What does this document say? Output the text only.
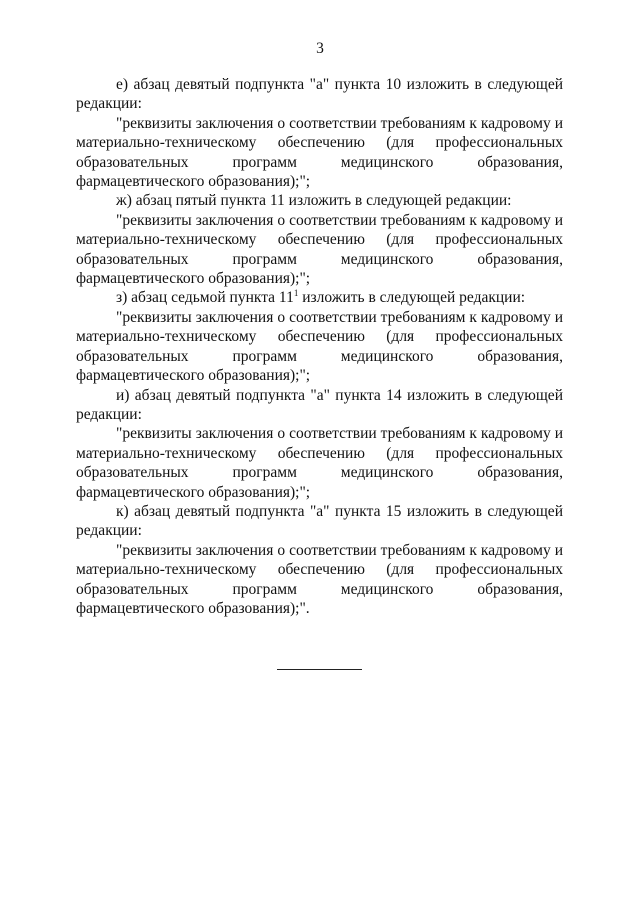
3

е) абзац девятый подпункта "а" пункта 10 изложить в следующей редакции:

"реквизиты заключения о соответствии требованиям к кадровому и материально-техническому обеспечению (для профессиональных образовательных программ медицинского образования, фармацевтического образования);";

ж) абзац пятый пункта 11 изложить в следующей редакции:

"реквизиты заключения о соответствии требованиям к кадровому и материально-техническому обеспечению (для профессиональных образовательных программ медицинского образования, фармацевтического образования);";

з) абзац седьмой пункта $11^1$ изложить в следующей редакции:

"реквизиты заключения о соответствии требованиям к кадровому и материально-техническому обеспечению (для профессиональных образовательных программ медицинского образования, фармацевтического образования);";

и) абзац девятый подпункта "а" пункта 14 изложить в следующей редакции:

"реквизиты заключения о соответствии требованиям к кадровому и материально-техническому обеспечению (для профессиональных образовательных программ медицинского образования, фармацевтического образования);";

к) абзац девятый подпункта "а" пункта 15 изложить в следующей редакции:

"реквизиты заключения о соответствии требованиям к кадровому и материально-техническому обеспечению (для профессиональных образовательных программ медицинского образования, фармацевтического образования);".
